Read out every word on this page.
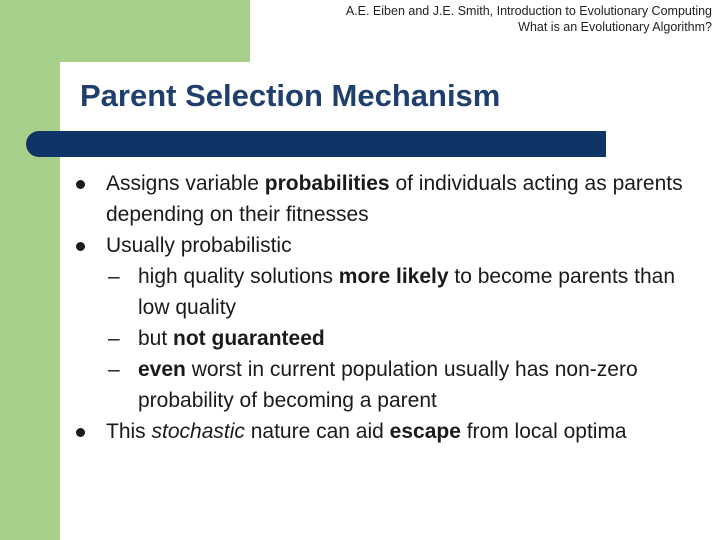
A.E. Eiben and J.E. Smith, Introduction to Evolutionary Computing
What is an Evolutionary Algorithm?
Parent Selection Mechanism
Assigns variable probabilities of individuals acting as parents depending on their fitnesses
Usually probabilistic
– high quality solutions more likely to become parents than low quality
– but not guaranteed
– even worst in current population usually has non-zero probability of becoming a parent
This stochastic nature can aid escape from local optima
